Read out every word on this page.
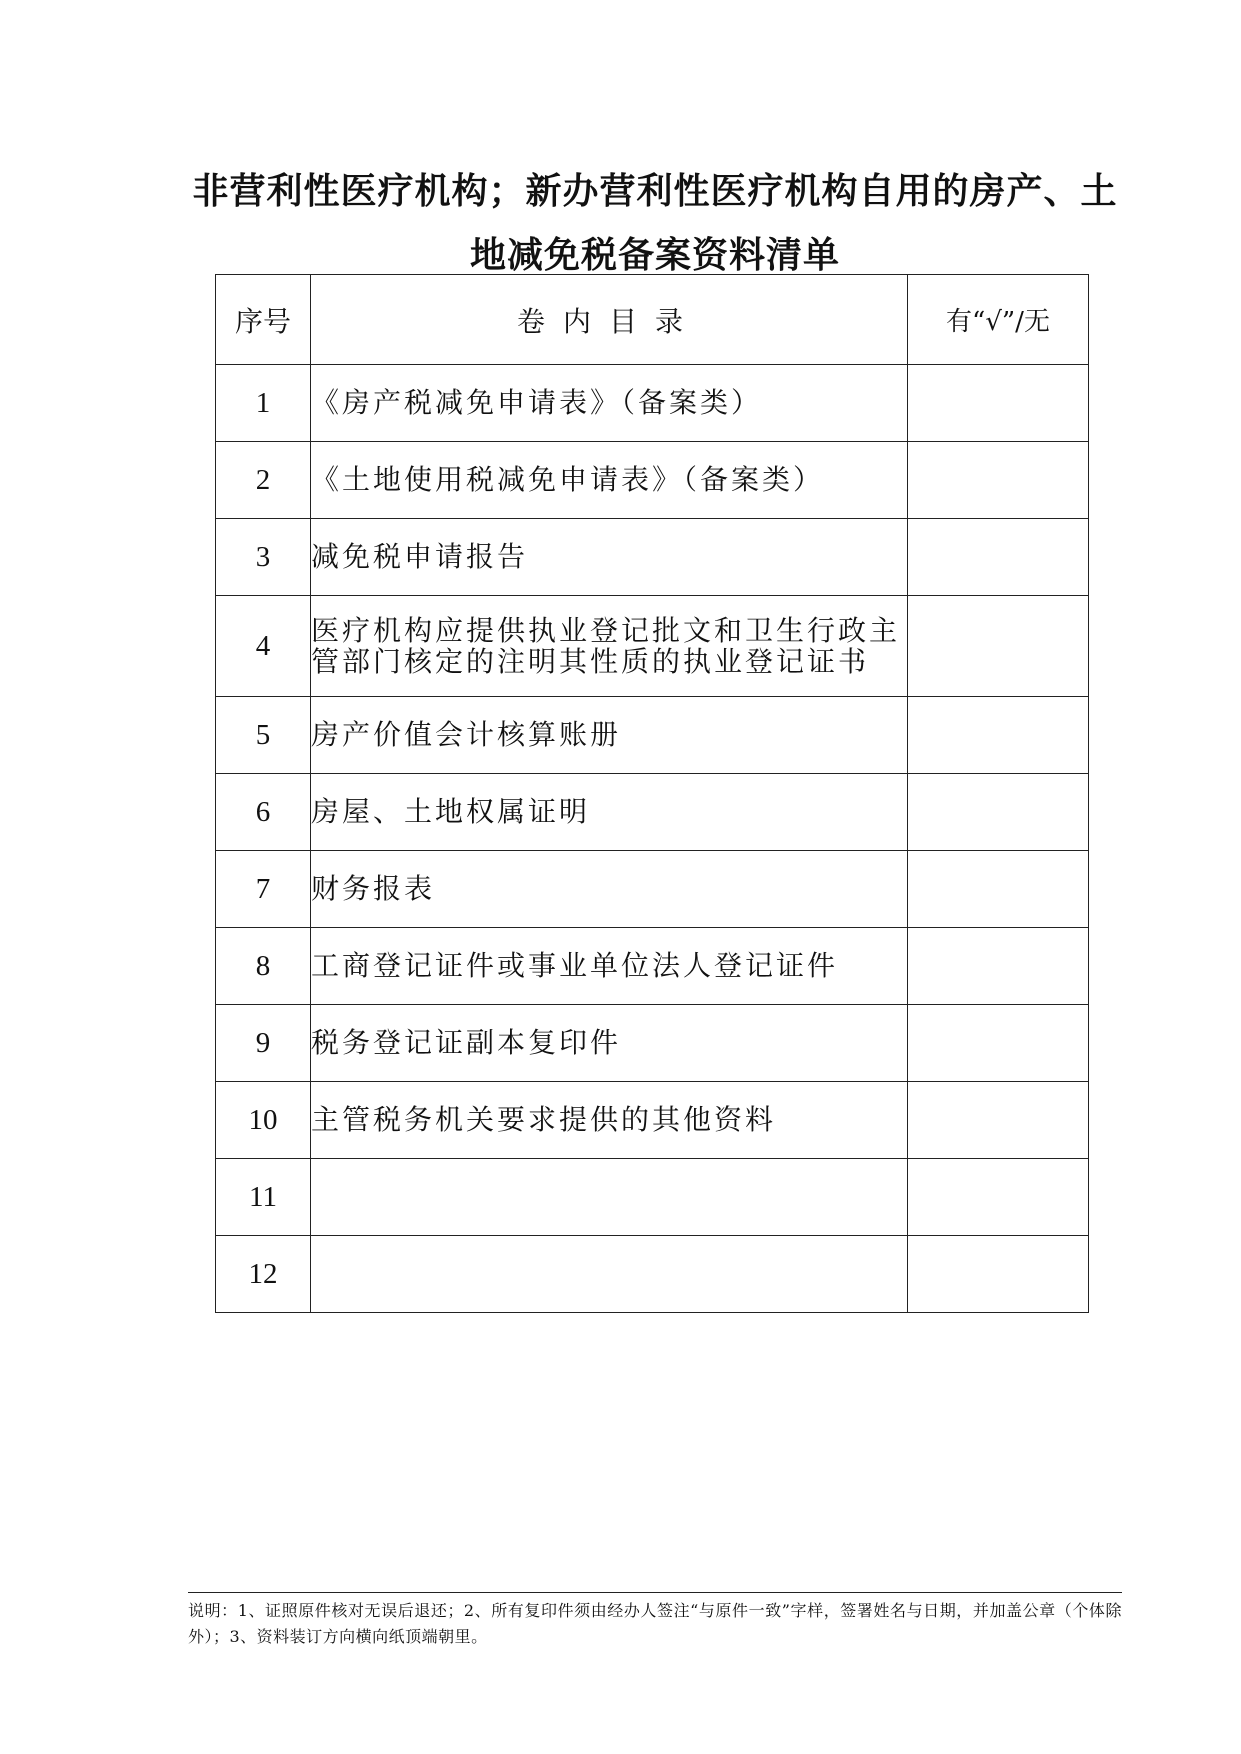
非营利性医疗机构；新办营利性医疗机构自用的房产、土
地减免税备案资料清单
序号	卷内目录	有“√”/无
1	《房产税减免申请表》（备案类）	
2	《土地使用税减免申请表》（备案类）	
3	减免税申请报告	
4	医疗机构应提供执业登记批文和卫生行政主管部门核定的注明其性质的执业登记证书	
5	房产价值会计核算账册	
6	房屋、土地权属证明	
7	财务报表	
8	工商登记证件或事业单位法人登记证件	
9	税务登记证副本复印件	
10	主管税务机关要求提供的其他资料	
11		
12		
说明：1、证照原件核对无误后退还；2、所有复印件须由经办人签注“与原件一致”字样，签署姓名与日期，并加盖公章（个体除外）；3、资料装订方向横向纸顶端朝里。
